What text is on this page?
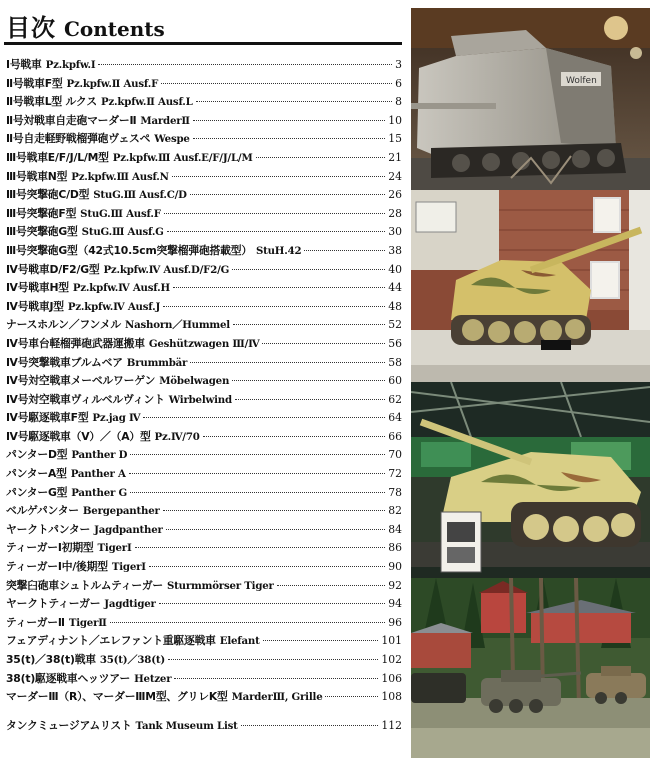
目次 Contents
Ⅰ号戦車 Pz.kpfw.Ⅰ	3
Ⅱ号戦車F型 Pz.kpfw.Ⅱ Ausf.F	6
Ⅱ号戦車L型 ルクス Pz.kpfw.Ⅱ Ausf.L	8
Ⅱ号対戦車自走砲マーダーⅡ MarderⅡ	10
Ⅱ号自走軽野戦榴弾砲ヴェスペ Wespe	15
Ⅲ号戦車E/F/J/L/M型 Pz.kpfw.Ⅲ Ausf.E/F/J/L/M	21
Ⅲ号戦車N型 Pz.kpfw.Ⅲ Ausf.N	24
Ⅲ号突撃砲C/D型 StuG.Ⅲ Ausf.C/D	26
Ⅲ号突撃砲F型 StuG.Ⅲ Ausf.F	28
Ⅲ号突撃砲G型 StuG.Ⅲ Ausf.G	30
Ⅲ号突撃砲G型（42式10.5cm突撃榴弾砲搭載型） StuH.42	38
Ⅳ号戦車D/F2/G型 Pz.kpfw.Ⅳ Ausf.D/F2/G	40
Ⅳ号戦車H型 Pz.kpfw.Ⅳ Ausf.H	44
Ⅳ号戦車J型 Pz.kpfw.Ⅳ Ausf.J	48
ナースホルン／フンメル Nashorn／Hummel	52
Ⅳ号車台軽榴弾砲武器運搬車 Geshützwagen Ⅲ/Ⅳ	56
Ⅳ号突撃戦車ブルムベア Brummbär	58
Ⅳ号対空戦車メーベルワーゲン Möbelwagen	60
Ⅳ号対空戦車ヴィルベルヴィント Wirbelwind	62
Ⅳ号駆逐戦車F型 Pz.jag Ⅳ	64
Ⅳ号駆逐戦車（V）／（A）型 Pz.Ⅳ/70	66
パンターD型 Panther D	70
パンターA型 Panther A	72
パンターG型 Panther G	78
ベルゲパンター Bergepanther	82
ヤークトパンター Jagdpanther	84
ティーガーⅠ初期型 TigerⅠ	86
ティーガーⅠ中/後期型 TigerⅠ	90
突撃臼砲車シュトルムティーガー Sturmmörser Tiger	92
ヤークトティーガー Jagdtiger	94
ティーガーⅡ TigerⅡ	96
フェアディナント／エレファント重駆逐戦車 Elefant	101
35(t)／38(t)戦車 35(t)／38(t)	102
38(t)駆逐戦車ヘッツアー Hetzer	106
マーダーⅢ（R）、マーダーⅢM型、グリレK型 MarderⅢ, Grille	108
タンクミュージアムリスト Tank Museum List	112
Wolfen
